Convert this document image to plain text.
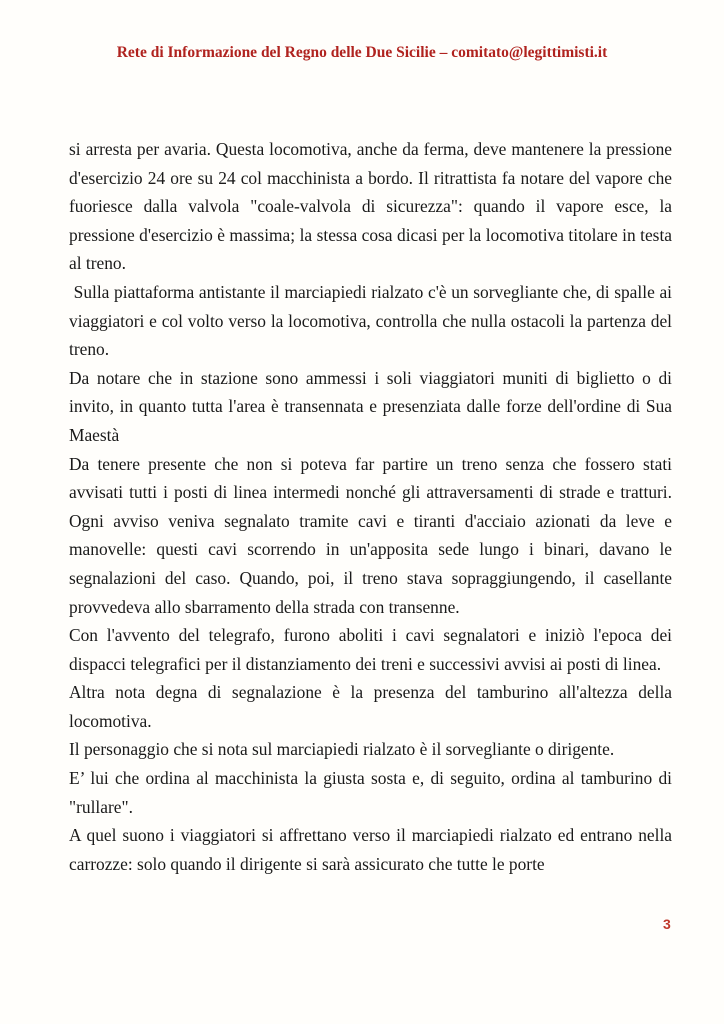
Rete di Informazione del Regno delle Due Sicilie – comitato@legittimisti.it

si arresta per avaria. Questa locomotiva, anche da ferma, deve mantenere la pressione d'esercizio 24 ore su 24 col macchinista a bordo. Il ritrattista fa notare del vapore che fuoriesce dalla valvola "coale-valvola di sicurezza": quando il vapore esce, la pressione d'esercizio è massima; la stessa cosa dicasi per la locomotiva titolare in testa al treno.

Sulla piattaforma antistante il marciapiedi rialzato c'è un sorvegliante che, di spalle ai viaggiatori e col volto verso la locomotiva, controlla che nulla ostacoli la partenza del treno.

Da notare che in stazione sono ammessi i soli viaggiatori muniti di biglietto o di invito, in quanto tutta l'area è transennata e presenziata dalle forze dell'ordine di Sua Maestà

Da tenere presente che non si poteva far partire un treno senza che fossero stati avvisati tutti i posti di linea intermedi nonché gli attraversamenti di strade e tratturi. Ogni avviso veniva segnalato tramite cavi e tiranti d'acciaio azionati da leve e manovelle: questi cavi scorrendo in un'apposita sede lungo i binari, davano le segnalazioni del caso. Quando, poi, il treno stava sopraggiungendo, il casellante provvedeva allo sbarramento della strada con transenne.

Con l'avvento del telegrafo, furono aboliti i cavi segnalatori e iniziò l'epoca dei dispacci telegrafici per il distanziamento dei treni e successivi avvisi ai posti di linea.

Altra nota degna di segnalazione è la presenza del tamburino all'altezza della locomotiva.

Il personaggio che si nota sul marciapiedi rialzato è il sorvegliante o dirigente.

E’ lui che ordina al macchinista la giusta sosta e, di seguito, ordina al tamburino di "rullare".

A quel suono i viaggiatori si affrettano verso il marciapiedi rialzato ed entrano nella carrozze: solo quando il dirigente si sarà assicurato che tutte le porte

3
